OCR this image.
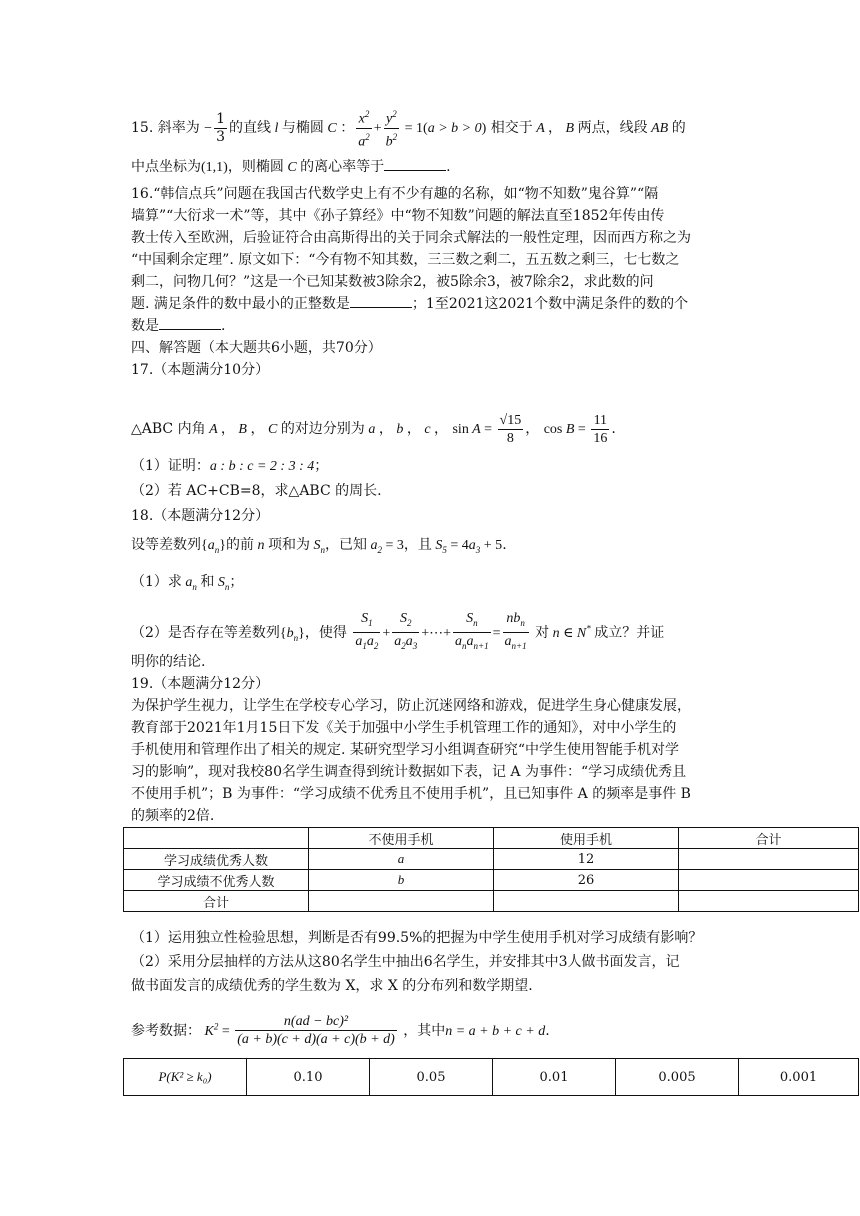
15. 斜率为 − $\frac{1}{3}$ 的直线 l 与椭圆 C ： $\frac{x^2}{a^2} + \frac{y^2}{b^2} = 1(a > b > 0)$ 相交于 A ， B 两点，线段 AB 的
中点坐标为(1,1)，则椭圆 C 的离心率等于	.

16.“韩信点兵”问题在我国古代数学史上有不少有趣的名称，如“物不知数”鬼谷算”“隔

墙算”“大衍求一术”等，其中《孙子算经》中“物不知数”问题的解法直至1852年传由传

教士传入至欧洲，后验证符合由高斯得出的关于同余式解法的一般性定理，因而西方称之为

“中国剩余定理”. 原文如下：“今有物不知其数，三三数之剩二，五五数之剩三，七七数之

剩二，问物几何？”这是一个已知某数被3除余2，被5除余3，被7除余2，求此数的问

题. 满足条件的数中最小的正整数是	；1至2021这2021个数中满足条件的数的个

数是	.

四、解答题（本大题共6小题，共70分）

17.（本题满分10分）

△ABC 内角 A ， B ， C 的对边分别为 a ， b ， c ， $\sin A = \frac{√15}{8}$ ， $\cos B = \frac{11}{16}$ .

（1）证明：a : b : c = 2 : 3 : 4；

（2）若 AC+CB=8，求△ABC 的周长.

18.（本题满分12分）

设等差数列$\{a_n\}$的前 n 项和为 $S_n$，已知 $a_2 = 3$，且 $S_5 = 4a_3 + 5$.

（1）求 $a_n$ 和 $S_n$；

（2）是否存在等差数列$\{b_n\}$，使得 $\frac{S_1}{a_1a_2} + \frac{S_2}{a_2a_3}$ +⋯+ $\frac{S_n}{a_na_{n+1}} = \frac{nb_n}{a_{n+1}}$ 对 n ∈ N* 成立？并证

明你的结论.

19.（本题满分12分）

为保护学生视力，让学生在学校专心学习，防止沉迷网络和游戏，促进学生身心健康发展，

教育部于2021年1月15日下发《关于加强中小学生手机管理工作的通知》，对中小学生的

手机使用和管理作出了相关的规定. 某研究型学习小组调查研究“中学生使用智能手机对学

习的影响”，现对我校80名学生调查得到统计数据如下表，记 A 为事件：“学习成绩优秀且

不使用手机”；B 为事件：“学习成绩不优秀且不使用手机”，且已知事件 A 的频率是事件 B

的频率的2倍.

	不使用手机	使用手机	合计
学习成绩优秀人数	a	12	
学习成绩不优秀人数	b	26	
合计			

（1）运用独立性检验思想，判断是否有99.5%的把握为中学生使用手机对学习成绩有影响？

（2）采用分层抽样的方法从这80名学生中抽出6名学生，并安排其中3人做书面发言，记

做书面发言的成绩优秀的学生数为 X，求 X 的分布列和数学期望.

参考数据： $K^2 = \frac{\text{n(ad − bc)²}}{(a + b)(c + d)(a + c)(b + d)}$ ，其中n = a + b + c + d.
P(K² ≥ k₀)	0.10	0.05	0.01	0.005	0.001
